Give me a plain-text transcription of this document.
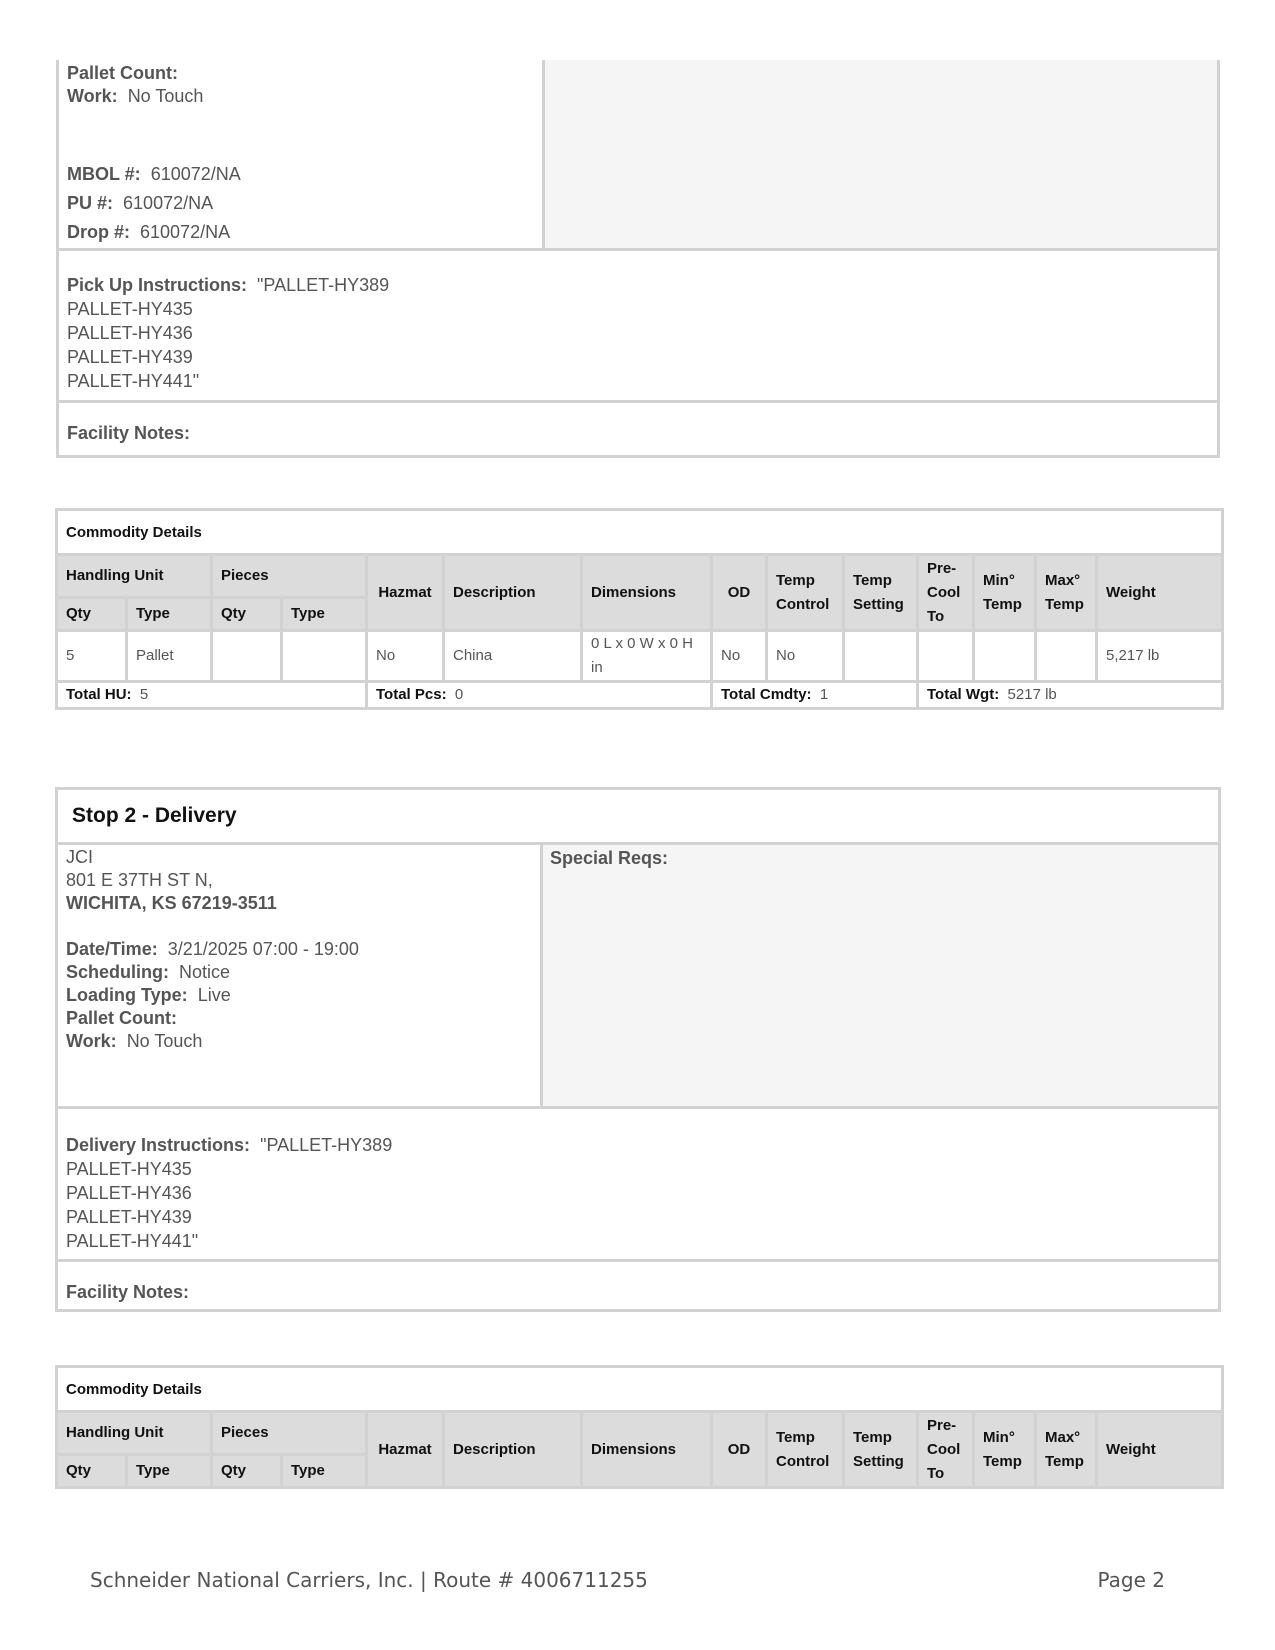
Pallet Count:
Work: No Touch
MBOL #: 610072/NA
PU #: 610072/NA
Drop #: 610072/NA
Pick Up Instructions: "PALLET-HY389
PALLET-HY435
PALLET-HY436
PALLET-HY439
PALLET-HY441"
Facility Notes:
Commodity Details													
Handling Unit		Pieces		Hazmat	Description	Dimensions	OD	Temp Control	Temp Setting	Pre-Cool To	Min° Temp	Max° Temp	Weight
Qty	Type	Qty	Type										
5	Pallet			No	China	0 L x 0 W x 0 H in	No	No					5,217 lb
Total HU: 5				Total Pcs: 0			Total Cmdty: 1			Total Wgt: 5217 lb			
Stop 2 - Delivery
JCI
801 E 37TH ST N,
WICHITA, KS 67219-3511
Date/Time: 3/21/2025 07:00 - 19:00
Scheduling: Notice
Loading Type: Live
Pallet Count:
Work: No Touch
Special Reqs:
Delivery Instructions: "PALLET-HY389
PALLET-HY435
PALLET-HY436
PALLET-HY439
PALLET-HY441"
Facility Notes:
Commodity Details													
Handling Unit		Pieces		Hazmat	Description	Dimensions	OD	Temp Control	Temp Setting	Pre-Cool To	Min° Temp	Max° Temp	Weight
Qty	Type	Qty	Type										
Schneider National Carriers, Inc. | Route # 4006711255	Page 2
